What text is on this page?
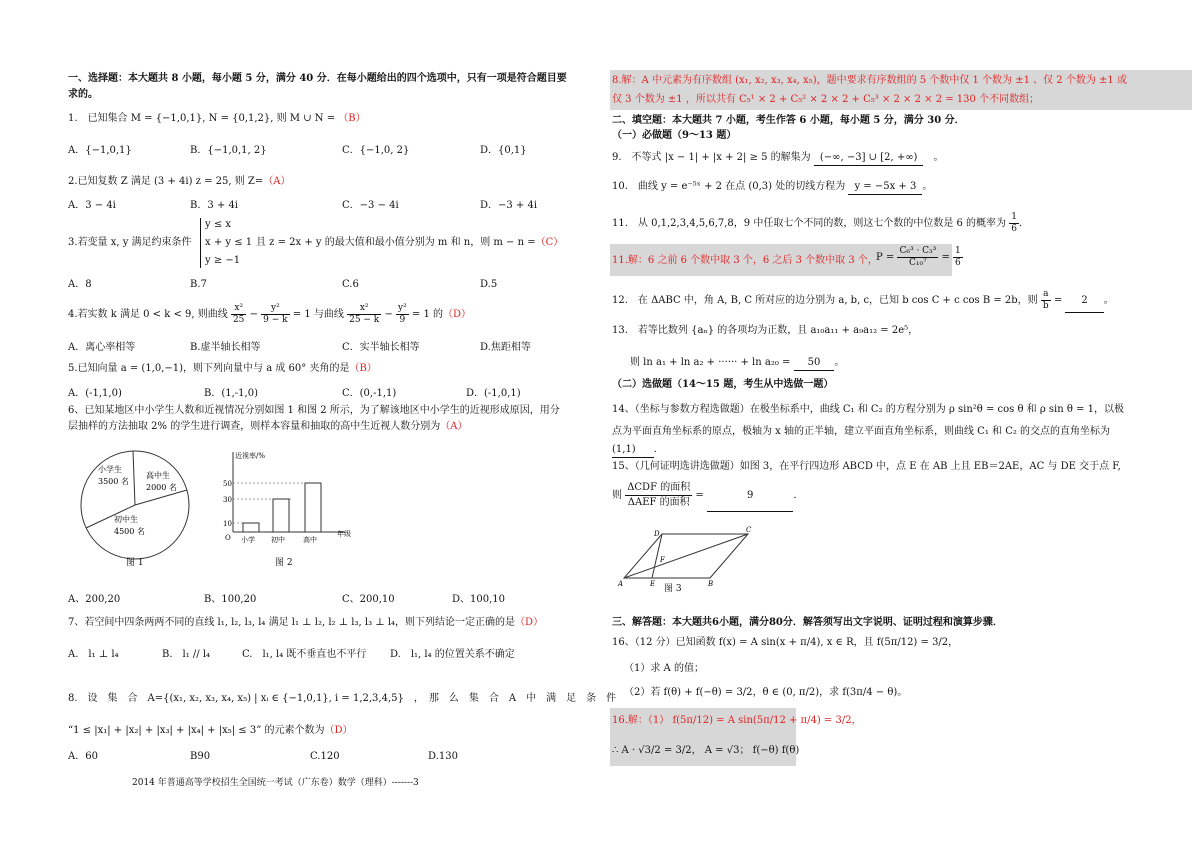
一、选择题：本大题共 8 小题，每小题 5 分，满分 40 分．在每小题给出的四个选项中，只有一项是符合题目要
求的。
1.　已知集合 M = {−1,0,1}, N = {0,1,2}, 则 M ∪ N = （B）
A．{−1,0,1}	B．{−1,0,1, 2}	C．{−1,0, 2}	D．{0,1}
2.已知复数 Z 满足 (3 + 4i) z = 25, 则 Z=（A）
A．3 − 4i	B．3 + 4i	C．−3 − 4i	D．−3 + 4i
3.若变量 x, y 满足约束条件
y ≤ x
x + y ≤ 1
y ≥ −1
且 z = 2x + y 的最大值和最小值分别为 m 和 n，则 m − n =（C）
A．8	B.7	C.6	D.5
4.若实数 k 满足 0 < k < 9, 则曲线 $\frac{\text{x²}}{25} - \frac{\text{y²}}{9 - k} = 1$ 与曲线 $\frac{\text{x²}}{25 - k} - \frac{\text{y²}}{9} = 1$ 的（D）
A．离心率相等	B.虚半轴长相等	C．实半轴长相等	D.焦距相等
5.已知向量 a = (1,0,−1)，则下列向量中与 a 成 60° 夹角的是（B）
A．(-1,1,0)	B．(1,-1,0)	C．(0,-1,1)	D．(-1,0,1)
6、已知某地区中小学生人数和近视情况分别如图 1 和图 2 所示，为了解该地区中小学生的近视形成原因，用分
层抽样的方法抽取 2% 的学生进行调查，则样本容量和抽取的高中生近视人数分别为（A）
小学生
3500 名
高中生
2000 名
初中生
4500 名
图 1
近视率/%
50
30
10
O 小学 初中	高中
年级
图 2
A、200,20	B、100,20	C、200,10	D、100,10
7、若空间中四条两两不同的直线 l₁, l₂, l₃, l₄ 满足 l₁ ⊥ l₂, l₂ ⊥ l₃, l₃ ⊥ l₄，则下列结论一定正确的是（D）
A.　l₁ ⊥ l₄	B.　l₁ // l₄	C.　l₁, l₄ 既不垂直也不平行 D.　l₁, l₄ 的位置关系不确定
8.　设　集　合　A={(x₁, x₂, x₃, x₄, x₅) | xᵢ ∈ {−1,0,1}, i = 1,2,3,4,5}　，　那　么　集　合　A　中　满　足　条　件
“1 ≤ |x₁| + |x₂| + |x₃| + |x₄| + |x₅| ≤ 3” 的元素个数为（D）
A．60	B90	C.120	D.130
2014 年普通高等学校招生全国统一考试（广东卷）数学（理科）-------3
8.解：A 中元素为有序数组 (x₁, x₂, x₃, x₄, x₅)，题中要求有序数组的 5 个数中仅 1 个数为 ±1 、仅 2 个数为 ±1 或
仅 3 个数为 ±1 ，所以共有 C₅¹ × 2 + C₅² × 2 × 2 + C₅³ × 2 × 2 × 2 = 130 个不同数组；
二、填空题：本大题共 7 小题，考生作答 6 小题，每小题 5 分，满分 30 分．
（一）必做题（9～13 题）
9.　不等式 |x − 1| + |x + 2| ≥ 5 的解集为 (−∞, −3] ∪ [2, +∞)　。
10.　曲线 y = e⁻⁵ˣ + 2 在点 (0,3) 处的切线方程为 y = −5x + 3 。
11.　从 0,1,2,3,4,5,6,7,8，9 中任取七个不同的数，则这七个数的中位数是 6 的概率为 $\frac{1}{6}$ ．
11.解：6 之前 6 个数中取 3 个，6 之后 3 个数中取 3 个，
$P = \frac{\text{C₆³ · C₃³}}{\text{C₁₀⁷}} = \frac{1}{6}$
12.　在 ΔABC 中，角 A, B, C 所对应的边分别为 a, b, c，已知 b cos C + c cos B = 2b，则 $\frac{a}{b} = 2$ 。
13.　若等比数列 {aₙ} 的各项均为正数，且 a₁₀a₁₁ + a₉a₁₂ = 2e⁵，
则 ln a₁ + ln a₂ + ······ + ln a₂₀ = 50 。
（二）选做题（14～15 题，考生从中选做一题）
14、（坐标与参数方程选做题）在极坐标系中，曲线 C₁ 和 C₂ 的方程分别为 ρ sin²θ = cos θ 和 ρ sin θ = 1，以极
点为平面直角坐标系的原点，极轴为 x 轴的正半轴，建立平面直角坐标系，则曲线 C₁ 和 C₂ 的交点的直角坐标为
(1,1) ．
15、（几何证明选讲选做题）如图 3，在平行四边形 ABCD 中，点 E 在 AB 上且 EB＝2AE，AC 与 DE 交于点 F,
则 $\frac{\text{ΔCDF 的面积}}{\text{ΔAEF 的面积}}$ =	9	．
D	C
F
A	E	B
图 3
三、解答题：本大题共6小题，满分80分．解答须写出文字说明、证明过程和演算步骤．
16、（12 分）已知函数 f(x) = A sin(x + π/4), x ∈ R，且 f(5π/12) = 3/2，
（1）求 A 的值；
（2）若 f(θ) + f(−θ) = 3/2，θ ∈ (0, π/2)，求 f(3π/4 − θ)。
16.解：（1） f(5π/12) = A sin(5π/12 + π/4) = 3/2，
∴ A · √3/2 = 3/2， A = √3； f(−θ) f(θ)
